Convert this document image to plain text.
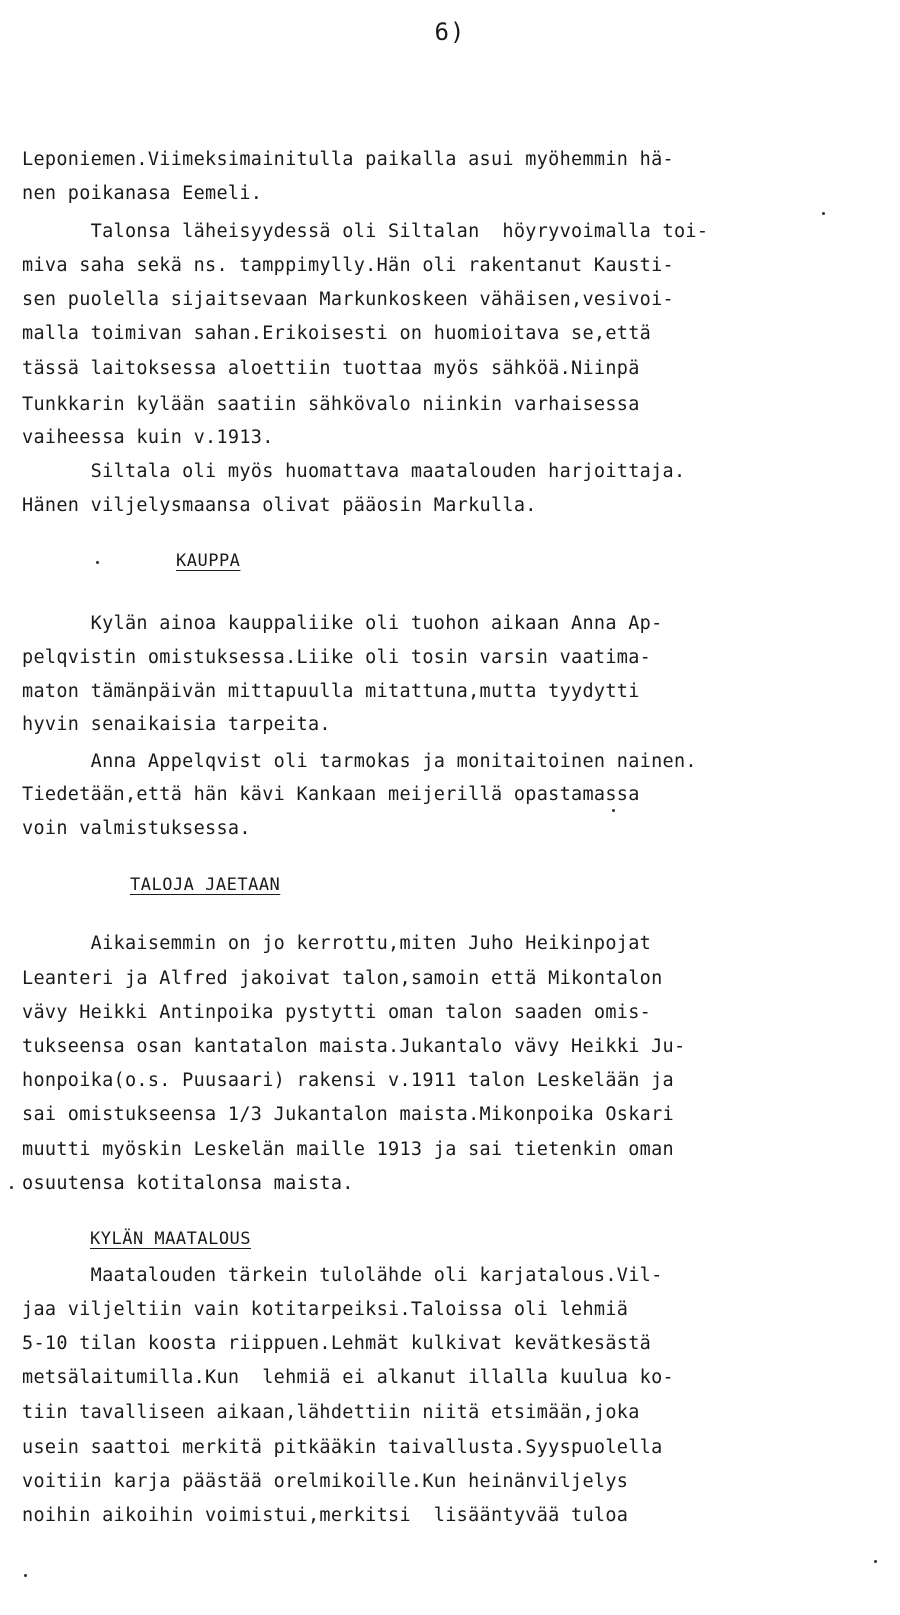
6)
Leponiemen.Viimeksimainitulla paikalla asui myöhemmin hä-
nen poikanasa Eemeli.
Talonsa läheisyydessä oli Siltalan  höyryvoimalla toi-
miva saha sekä ns. tamppimylly.Hän oli rakentanut Kausti-
sen puolella sijaitsevaan Markunkoskeen vähäisen,vesivoi-
malla toimivan sahan.Erikoisesti on huomioitava se,että
tässä laitoksessa aloettiin tuottaa myös sähköä.Niinpä
Tunkkarin kylään saatiin sähkövalo niinkin varhaisessa
vaiheessa kuin v.1913.
Siltala oli myös huomattava maatalouden harjoittaja.
Hänen viljelysmaansa olivat pääosin Markulla.
KAUPPA
Kylän ainoa kauppaliike oli tuohon aikaan Anna Ap-
pelqvistin omistuksessa.Liike oli tosin varsin vaatima-
maton tämänpäivän mittapuulla mitattuna,mutta tyydytti
hyvin senaikaisia tarpeita.
Anna Appelqvist oli tarmokas ja monitaitoinen nainen.
Tiedetään,että hän kävi Kankaan meijerillä opastamassa
voin valmistuksessa.
TALOJA JAETAAN
Aikaisemmin on jo kerrottu,miten Juho Heikinpojat
Leanteri ja Alfred jakoivat talon,samoin että Mikontalon
vävy Heikki Antinpoika pystytti oman talon saaden omis-
tukseensa osan kantatalon maista.Jukantalo vävy Heikki Ju-
honpoika(o.s. Puusaari) rakensi v.1911 talon Leskelään ja
sai omistukseensa 1/3 Jukantalon maista.Mikonpoika Oskari
muutti myöskin Leskelän maille 1913 ja sai tietenkin oman
osuutensa kotitalonsa maista.
KYLÄN MAATALOUS
Maatalouden tärkein tulolähde oli karjatalous.Vil-
jaa viljeltiin vain kotitarpeiksi.Taloissa oli lehmiä
5-10 tilan koosta riippuen.Lehmät kulkivat kevätkesästä
metsälaitumilla.Kun  lehmiä ei alkanut illalla kuulua ko-
tiin tavalliseen aikaan,lähdettiin niitä etsimään,joka
usein saattoi merkitä pitkääkin taivallusta.Syyspuolella
voitiin karja päästää orelmikoille.Kun heinänviljelys
noihin aikoihin voimistui,merkitsi  lisääntyvää tuloa
